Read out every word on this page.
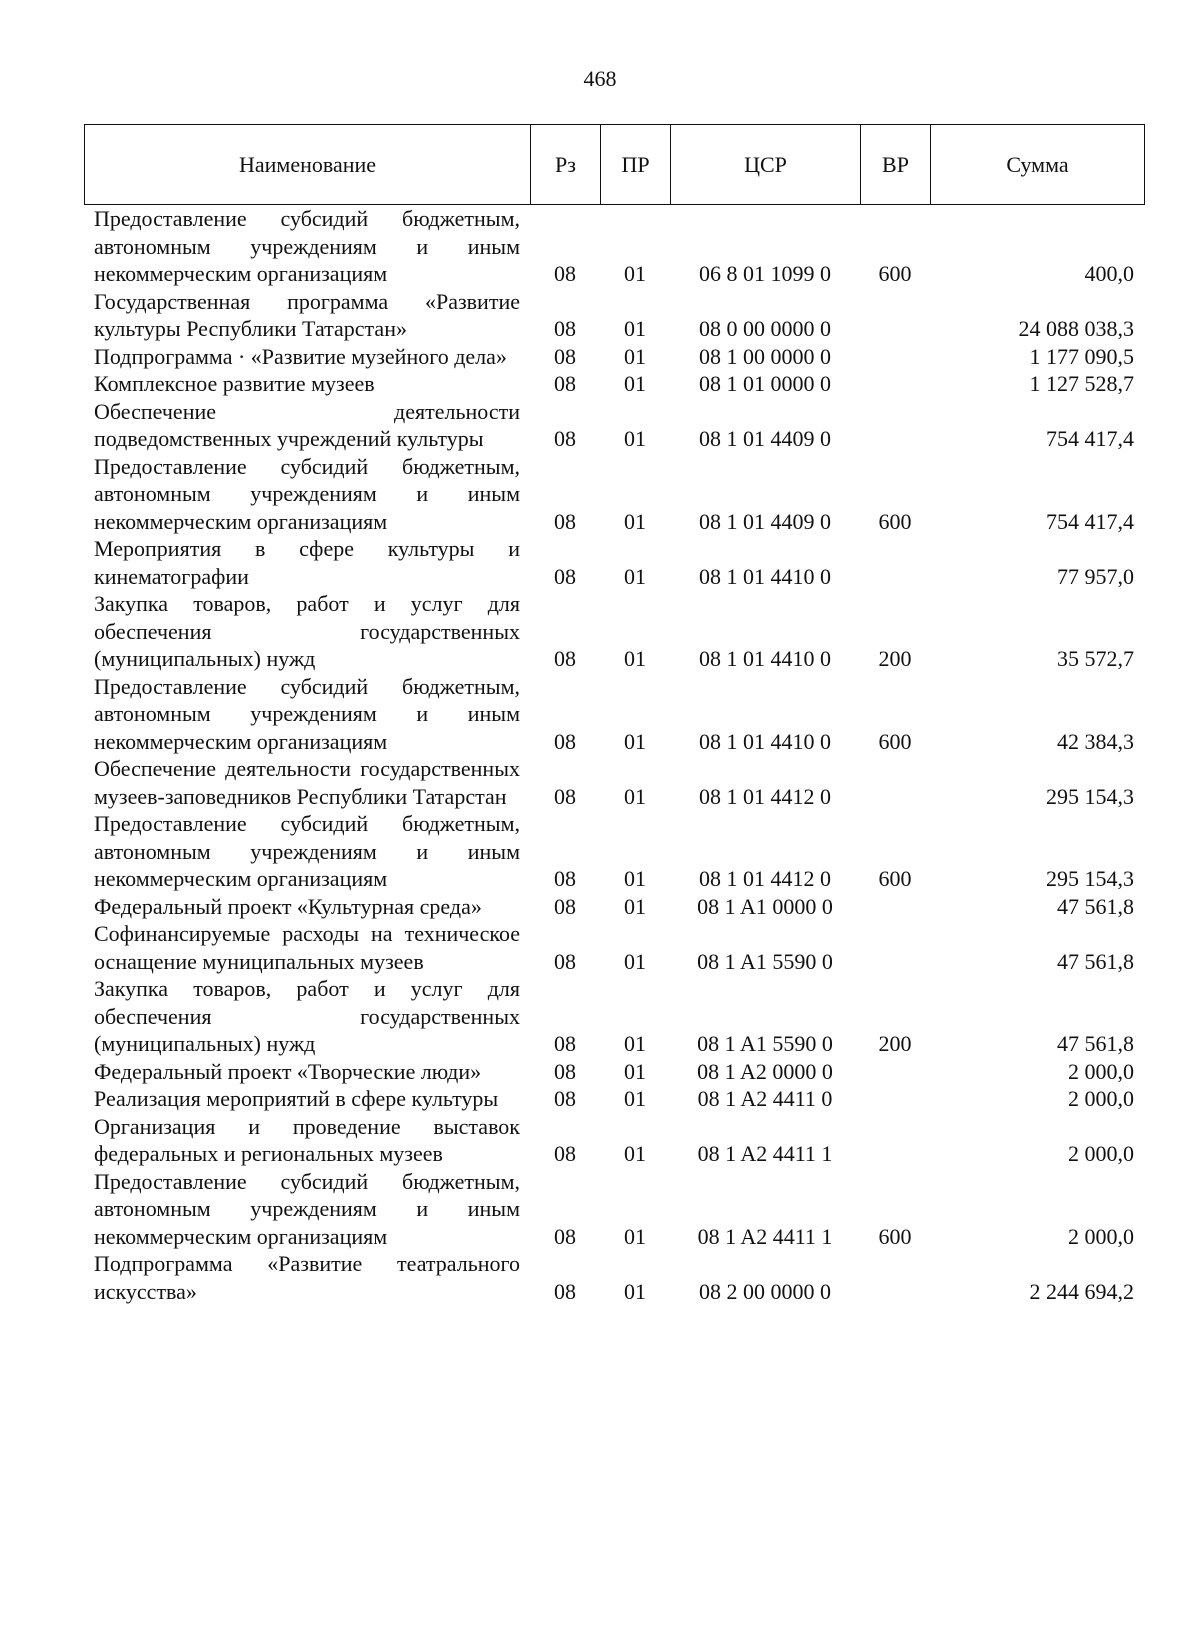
468
Наименование	Рз	ПР	ЦСР	ВР	Сумма
Предоставление субсидий бюджетным, автономным учреждениям и иным некоммерческим организациям	08	01	06 8 01 1099 0	600	400,0
Государственная программа «Развитие культуры Республики Татарстан»	08	01	08 0 00 0000 0		24 088 038,3
Подпрограмма · «Развитие музейного дела»	08	01	08 1 00 0000 0		1 177 090,5
Комплексное развитие музеев	08	01	08 1 01 0000 0		1 127 528,7
Обеспечение деятельности подведомственных учреждений культуры	08	01	08 1 01 4409 0		754 417,4
Предоставление субсидий бюджетным, автономным учреждениям и иным некоммерческим организациям	08	01	08 1 01 4409 0	600	754 417,4
Мероприятия в сфере культуры и кинематографии	08	01	08 1 01 4410 0		77 957,0
Закупка товаров, работ и услуг для обеспечения государственных (муниципальных) нужд	08	01	08 1 01 4410 0	200	35 572,7
Предоставление субсидий бюджетным, автономным учреждениям и иным некоммерческим организациям	08	01	08 1 01 4410 0	600	42 384,3
Обеспечение деятельности государственных музеев-заповедников Республики Татарстан	08	01	08 1 01 4412 0		295 154,3
Предоставление субсидий бюджетным, автономным учреждениям и иным некоммерческим организациям	08	01	08 1 01 4412 0	600	295 154,3
Федеральный проект «Культурная среда»	08	01	08 1 A1 0000 0		47 561,8
Софинансируемые расходы на техническое оснащение муниципальных музеев	08	01	08 1 A1 5590 0		47 561,8
Закупка товаров, работ и услуг для обеспечения государственных (муниципальных) нужд	08	01	08 1 A1 5590 0	200	47 561,8
Федеральный проект «Творческие люди»	08	01	08 1 A2 0000 0		2 000,0
Реализация мероприятий в сфере культуры	08	01	08 1 A2 4411 0		2 000,0
Организация и проведение выставок федеральных и региональных музеев	08	01	08 1 A2 4411 1		2 000,0
Предоставление субсидий бюджетным, автономным учреждениям и иным некоммерческим организациям	08	01	08 1 A2 4411 1	600	2 000,0
Подпрограмма «Развитие театрального искусства»	08	01	08 2 00 0000 0		2 244 694,2
